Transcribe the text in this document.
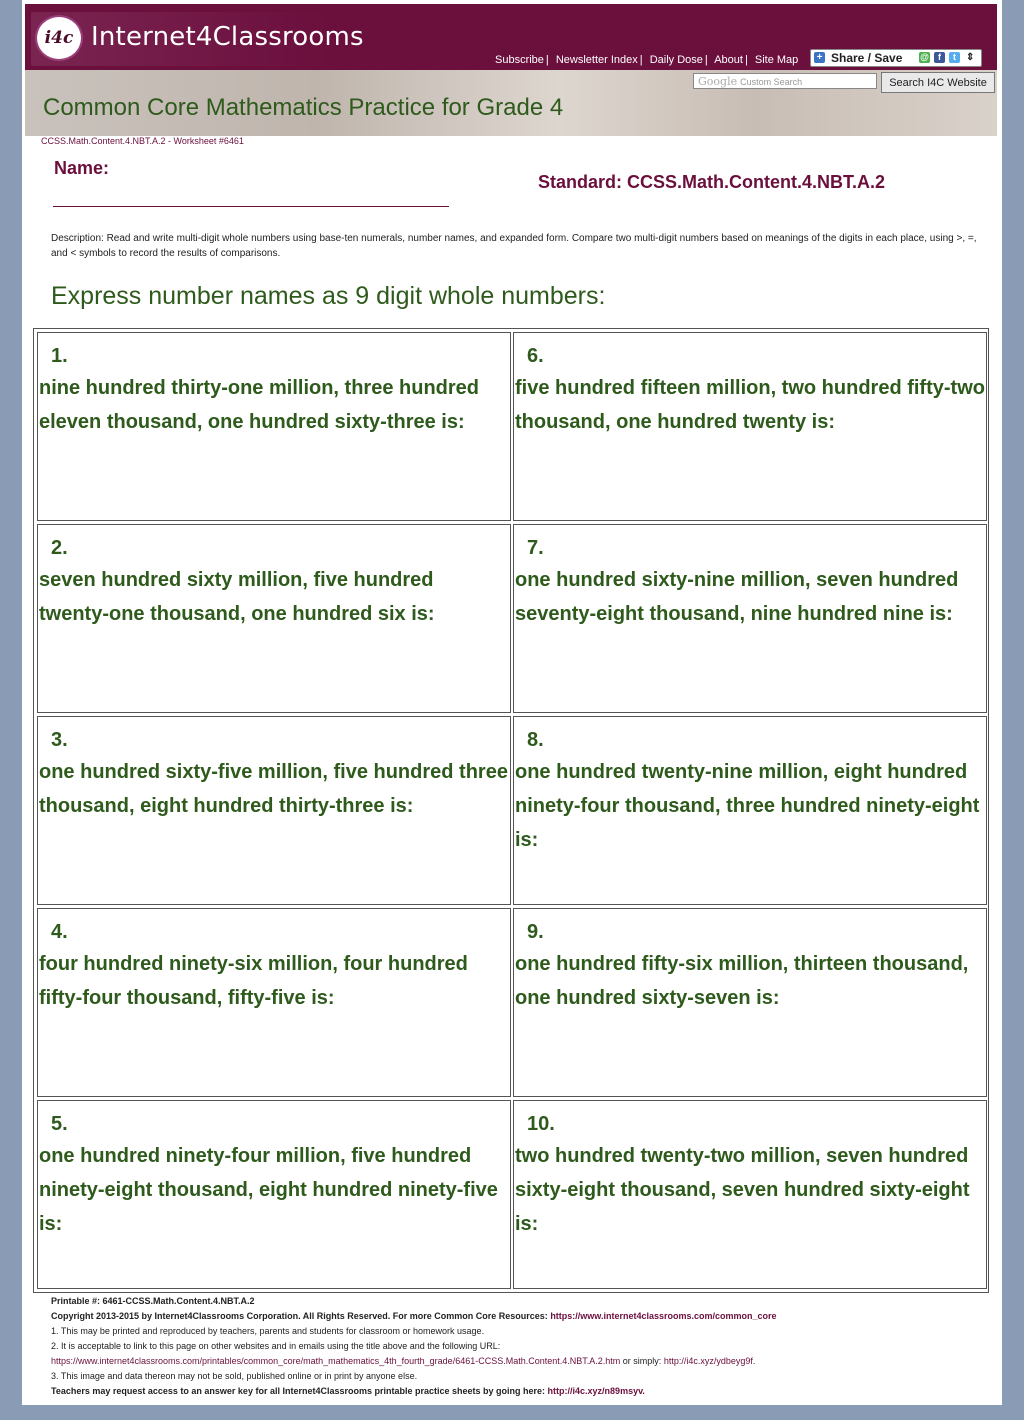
i4c Internet4Classrooms
Subscribe | Newsletter Index | Daily Dose | About | Site Map + Share / Save @	f	t	⇕
Google Custom Search	Search I4C Website
Common Core Mathematics Practice for Grade 4
CCSS.Math.Content.4.NBT.A.2 - Worksheet #6461
Name:
Standard: CCSS.Math.Content.4.NBT.A.2
Description: Read and write multi-digit whole numbers using base-ten numerals, number names, and expanded form. Compare two multi-digit numbers based on meanings of the digits in each place, using >, =, and < symbols to record the results of comparisons.
Express number names as 9 digit whole numbers:
1.
nine hundred thirty-one million, three hundred eleven thousand, one hundred sixty-three is:
2.
seven hundred sixty million, five hundred twenty-one thousand, one hundred six is:
3.
one hundred sixty-five million, five hundred three thousand, eight hundred thirty-three is:
4.
four hundred ninety-six million, four hundred fifty-four thousand, fifty-five is:
5.
one hundred ninety-four million, five hundred ninety-eight thousand, eight hundred ninety-five is:
6.
five hundred fifteen million, two hundred fifty-two thousand, one hundred twenty is:
7.
one hundred sixty-nine million, seven hundred seventy-eight thousand, nine hundred nine is:
8.
one hundred twenty-nine million, eight hundred ninety-four thousand, three hundred ninety-eight is:
9.
one hundred fifty-six million, thirteen thousand, one hundred sixty-seven is:
10.
two hundred twenty-two million, seven hundred sixty-eight thousand, seven hundred sixty-eight is:
Printable #: 6461-CCSS.Math.Content.4.NBT.A.2
Copyright 2013-2015 by Internet4Classrooms Corporation. All Rights Reserved. For more Common Core Resources: https://www.internet4classrooms.com/common_core
1. This may be printed and reproduced by teachers, parents and students for classroom or homework usage.
2. It is acceptable to link to this page on other websites and in emails using the title above and the following URL:
https://www.internet4classrooms.com/printables/common_core/math_mathematics_4th_fourth_grade/6461-CCSS.Math.Content.4.NBT.A.2.htm or simply: http://i4c.xyz/ydbeyg9f.
3. This image and data thereon may not be sold, published online or in print by anyone else.
Teachers may request access to an answer key for all Internet4Classrooms printable practice sheets by going here: http://i4c.xyz/n89msyv.
